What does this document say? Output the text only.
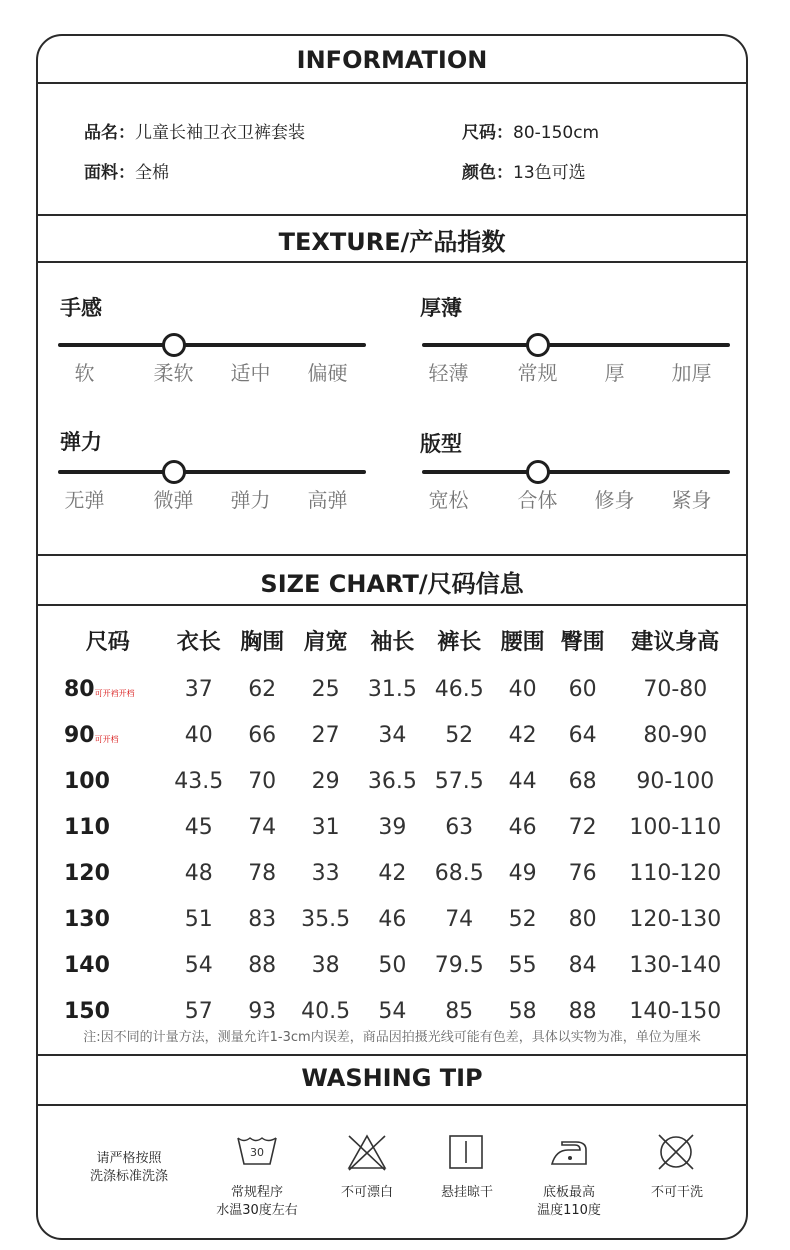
INFORMATION
品名：儿童长袖卫衣卫裤套装	尺码：80-150cm
面料：全棉	颜色：13色可选
TEXTURE/产品指数
手感
软	柔软	适中	偏硬
厚薄
轻薄	常规	厚	加厚
弹力
无弹	微弹	弹力	高弹
版型
宽松	合体	修身	紧身
SIZE CHART/尺码信息
尺码	衣长	胸围	肩宽	袖长	裤长	腰围	臀围	建议身高
80可开裆开档	37	62	25	31.5	46.5	40	60	70-80
90可开档	40	66	27	34	52	42	64	80-90
100	43.5	70	29	36.5	57.5	44	68	90-100
110	45	74	31	39	63	46	72	100-110
120	48	78	33	42	68.5	49	76	110-120
130	51	83	35.5	46	74	52	80	120-130
140	54	88	38	50	79.5	55	84	130-140
150	57	93	40.5	54	85	58	88	140-150
注:因不同的计量方法，测量允许1-3cm内误差，商品因拍摄光线可能有色差，具体以实物为准，单位为厘米
WASHING TIP
请严格按照
洗涤标准洗涤
30
常规程序
水温30度左右
不可漂白	悬挂晾干	底板最高
温度110度
不可干洗
